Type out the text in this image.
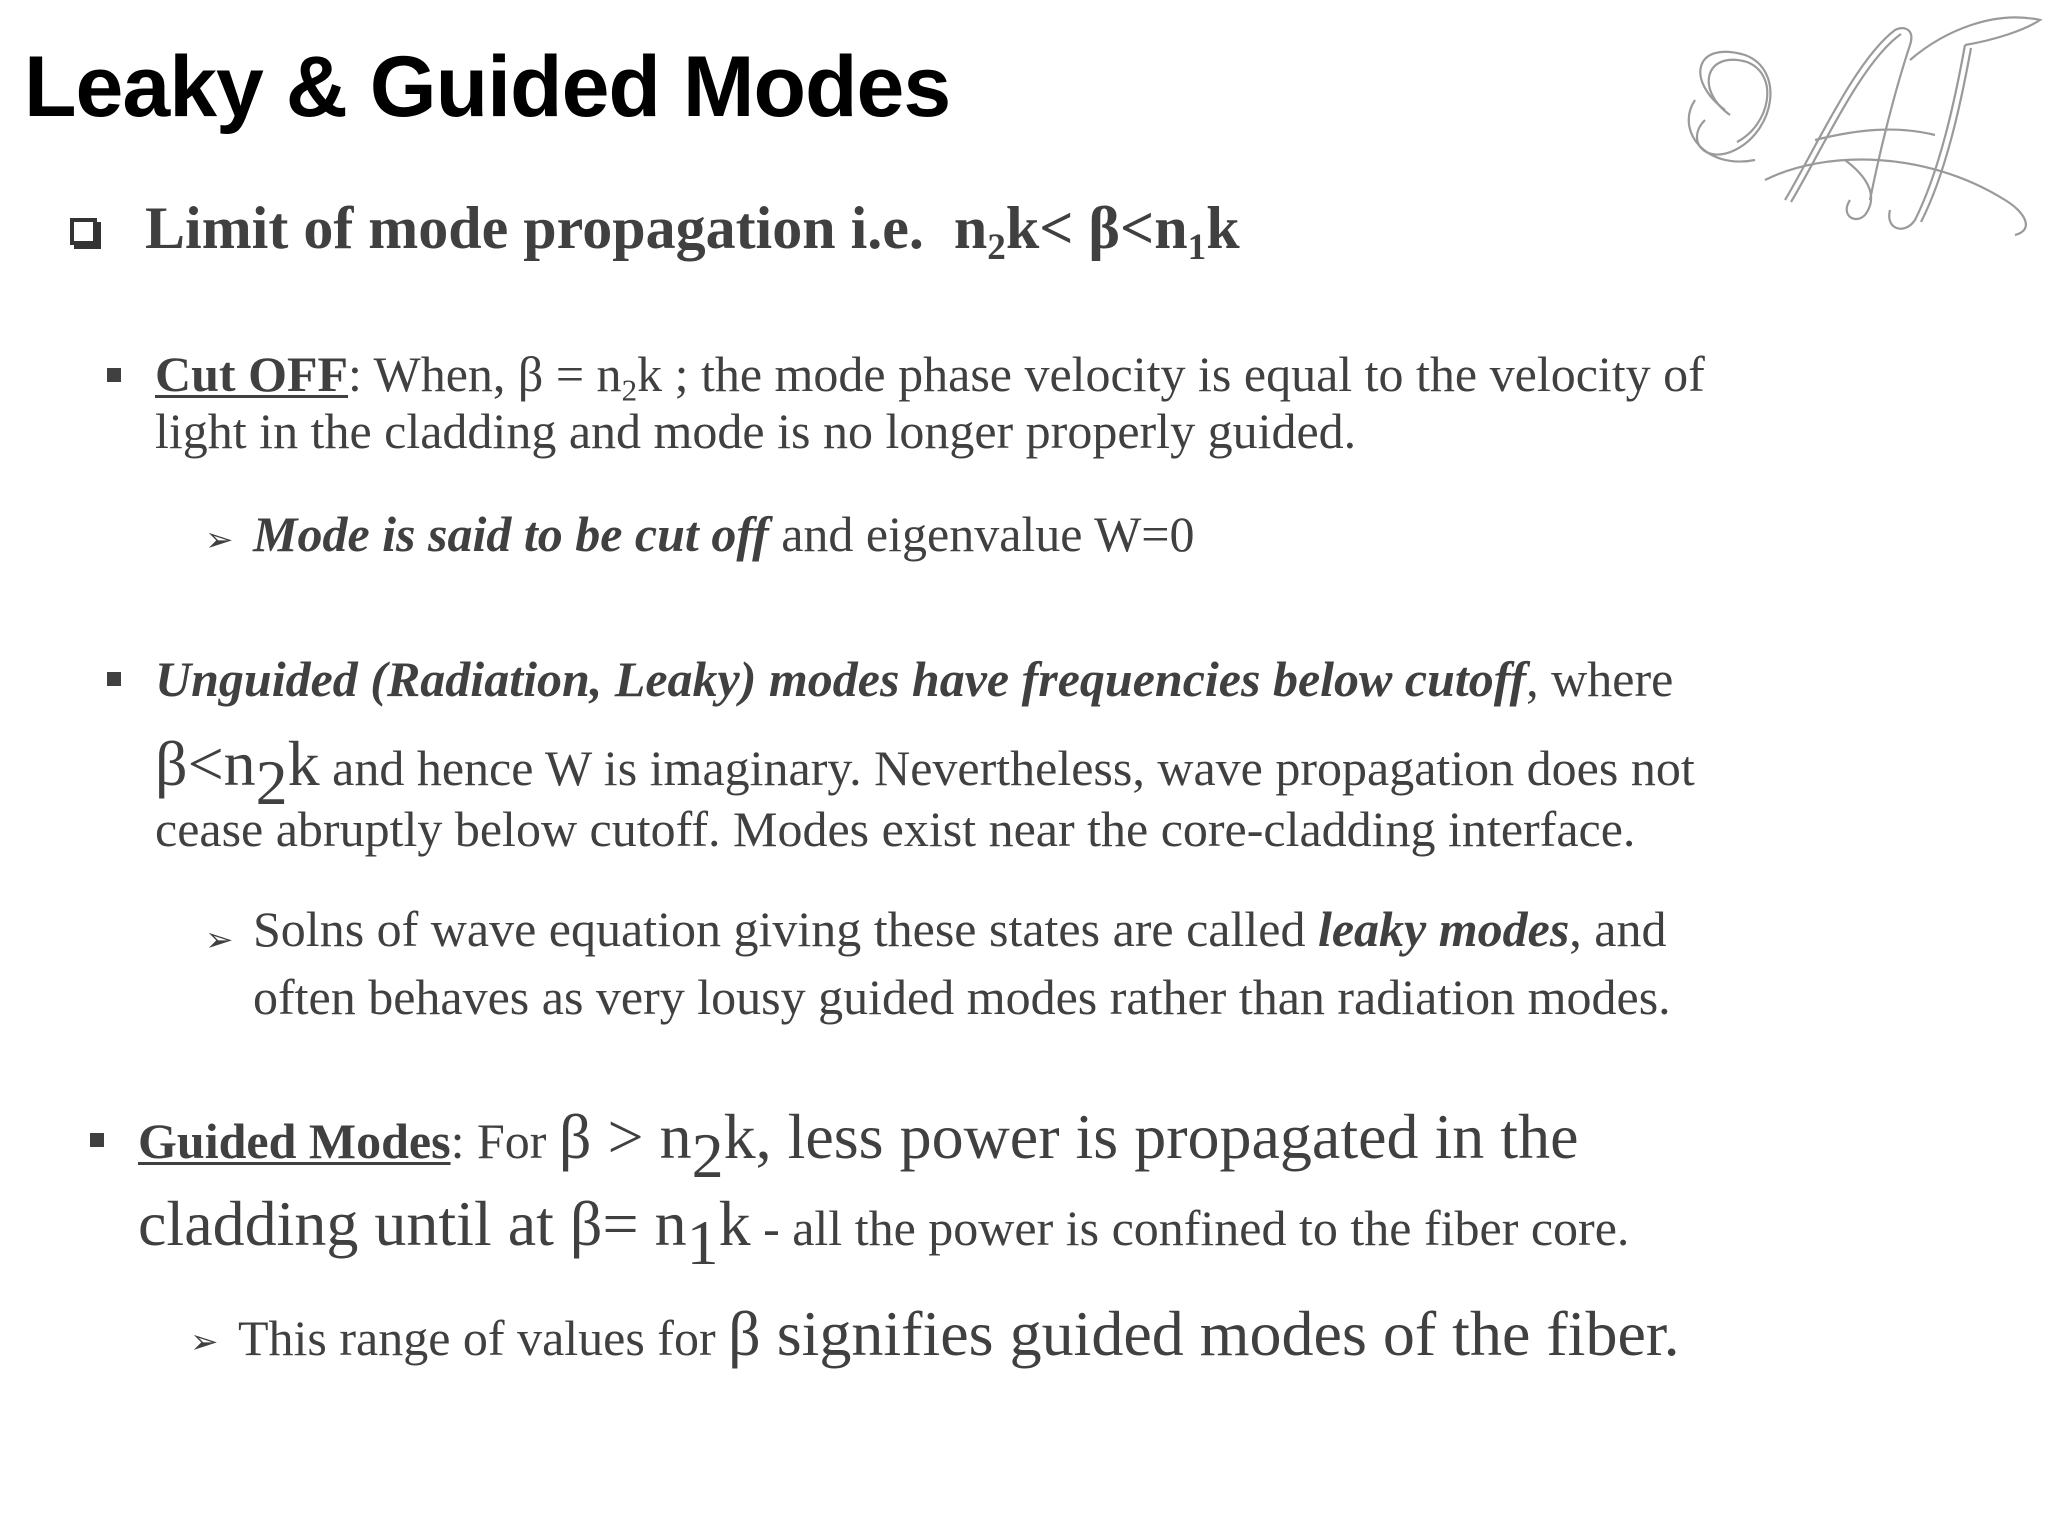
Leaky & Guided Modes
Limit of mode propagation i.e. $n_2k< \beta<n_1k$
Cut OFF: When, $\beta = n_2k$ ; the mode phase velocity is equal to the velocity of
light in the cladding and mode is no longer properly guided.
➢ Mode is said to be cut off and eigenvalue W=0
Unguided (Radiation, Leaky) modes have frequencies below cutoff, where
$\beta<n_2k$ and hence W is imaginary. Nevertheless, wave propagation does not
cease abruptly below cutoff. Modes exist near the core-cladding interface.
➢ Solns of wave equation giving these states are called leaky modes, and
often behaves as very lousy guided modes rather than radiation modes.
Guided Modes: For $\beta > n_2k$, less power is propagated in the
cladding until at $\beta= n_1k$ - all the power is confined to the fiber core.
➢ This range of values for β signifies guided modes of the fiber.
